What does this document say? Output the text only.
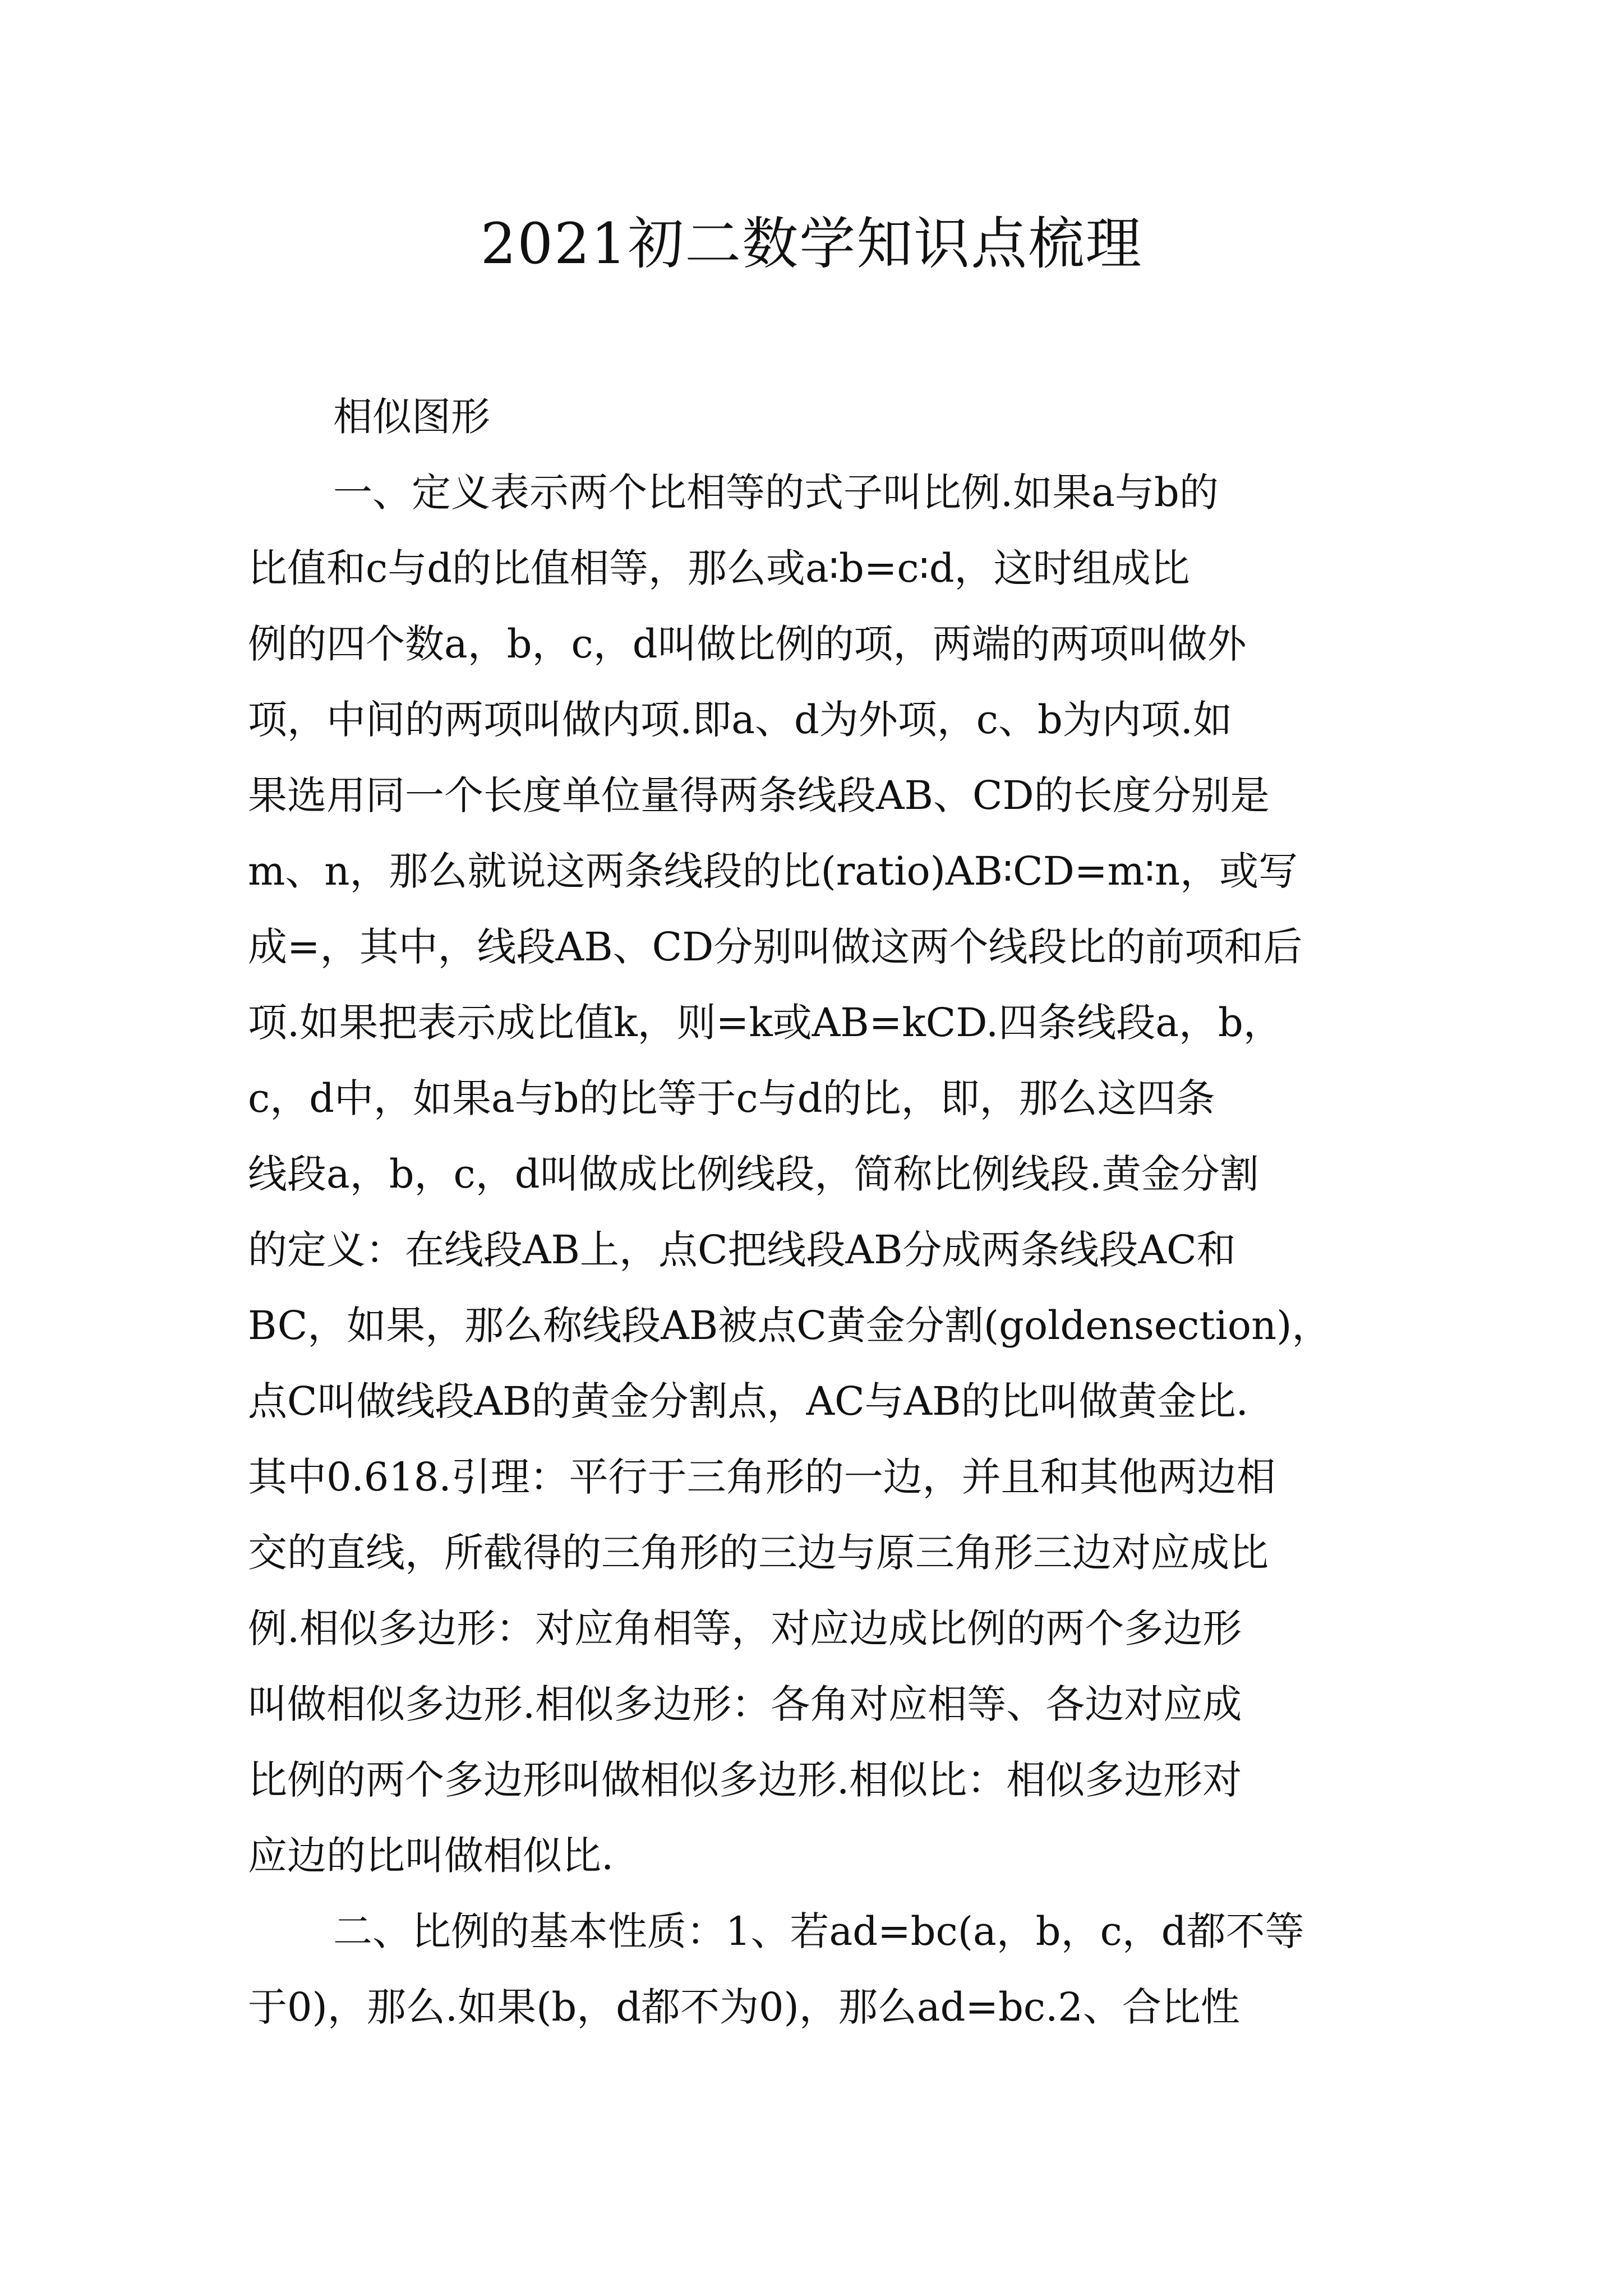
2021初二数学知识点梳理

相似图形

一、定义表示两个比相等的式子叫比例.如果a与b的

比值和c与d的比值相等，那么或a∶b=c∶d，这时组成比

例的四个数a，b，c，d叫做比例的项，两端的两项叫做外

项，中间的两项叫做内项.即a、d为外项，c、b为内项.如

果选用同一个长度单位量得两条线段AB、CD的长度分别是

m、n，那么就说这两条线段的比(ratio)AB∶CD=m∶n，或写

成=，其中，线段AB、CD分别叫做这两个线段比的前项和后

项.如果把表示成比值k，则=k或AB=kCD.四条线段a，b，

c，d中，如果a与b的比等于c与d的比，即，那么这四条

线段a，b，c，d叫做成比例线段，简称比例线段.黄金分割

的定义：在线段AB上，点C把线段AB分成两条线段AC和

BC，如果，那么称线段AB被点C黄金分割(goldensection)，

点C叫做线段AB的黄金分割点，AC与AB的比叫做黄金比.

其中0.618.引理：平行于三角形的一边，并且和其他两边相

交的直线，所截得的三角形的三边与原三角形三边对应成比

例.相似多边形：对应角相等，对应边成比例的两个多边形

叫做相似多边形.相似多边形：各角对应相等、各边对应成

比例的两个多边形叫做相似多边形.相似比：相似多边形对

应边的比叫做相似比.

二、比例的基本性质：1、若ad=bc(a，b，c，d都不等

于0)，那么.如果(b，d都不为0)，那么ad=bc.2、合比性
